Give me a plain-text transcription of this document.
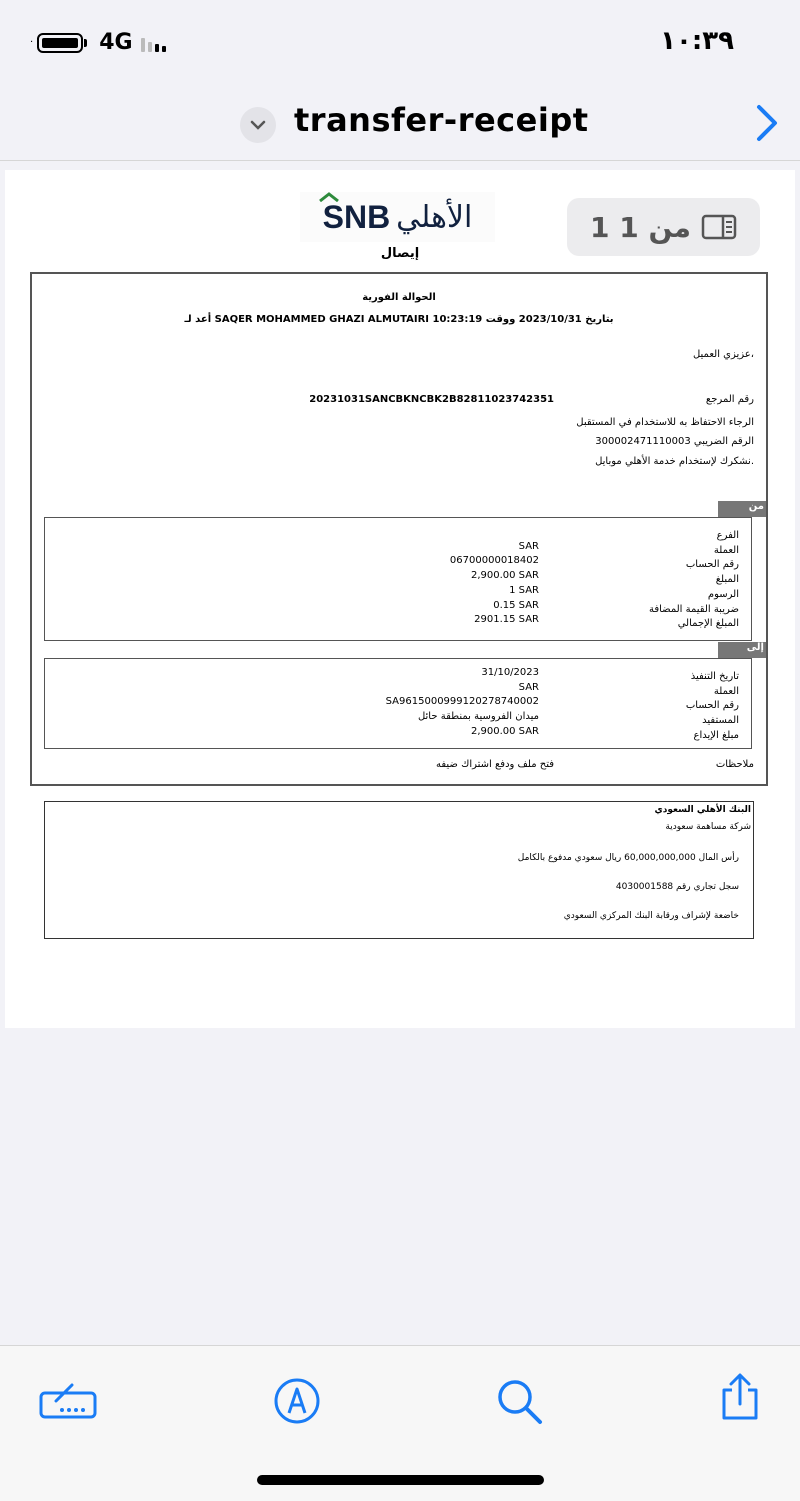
·	4G	١٠:٣٩
transfer-receipt
SNB الأهلي
إيصال
1 من 1
الحوالة الفورية
أعد لـ SAQER MOHAMMED GHAZI ALMUTAIRI بتاريخ 2023/10/31 ووقت 10:23:19
عزيزي العميل،
رقم المرجع
20231031SANCBKNCBK2B82811023742351
الرجاء الاحتفاظ به للاستخدام في المستقبل
الرقم الضريبي 300002471110003
نشكرك لإستخدام خدمة الأهلي موبايل.
من
الفرع
العملة
SAR
رقم الحساب
06700000018402
المبلغ
2,900.00 SAR
الرسوم
1 SAR
ضريبة القيمة المضافة
0.15 SAR
المبلغ الإجمالي
2901.15 SAR
إلى
تاريخ التنفيذ
31/10/2023
العملة
SAR
رقم الحساب
SA9615000999120278740002
المستفيد
ميدان الفروسية بمنطقة حائل
مبلغ الإيداع
2,900.00 SAR
ملاحظات
فتح ملف ودفع اشتراك ضيفه
البنك الأهلي السعودي
شركة مساهمة سعودية
رأس المال 60,000,000,000 ريال سعودي مدفوع بالكامل
سجل تجاري رقم 4030001588
خاضعة لإشراف ورقابة البنك المركزي السعودي
